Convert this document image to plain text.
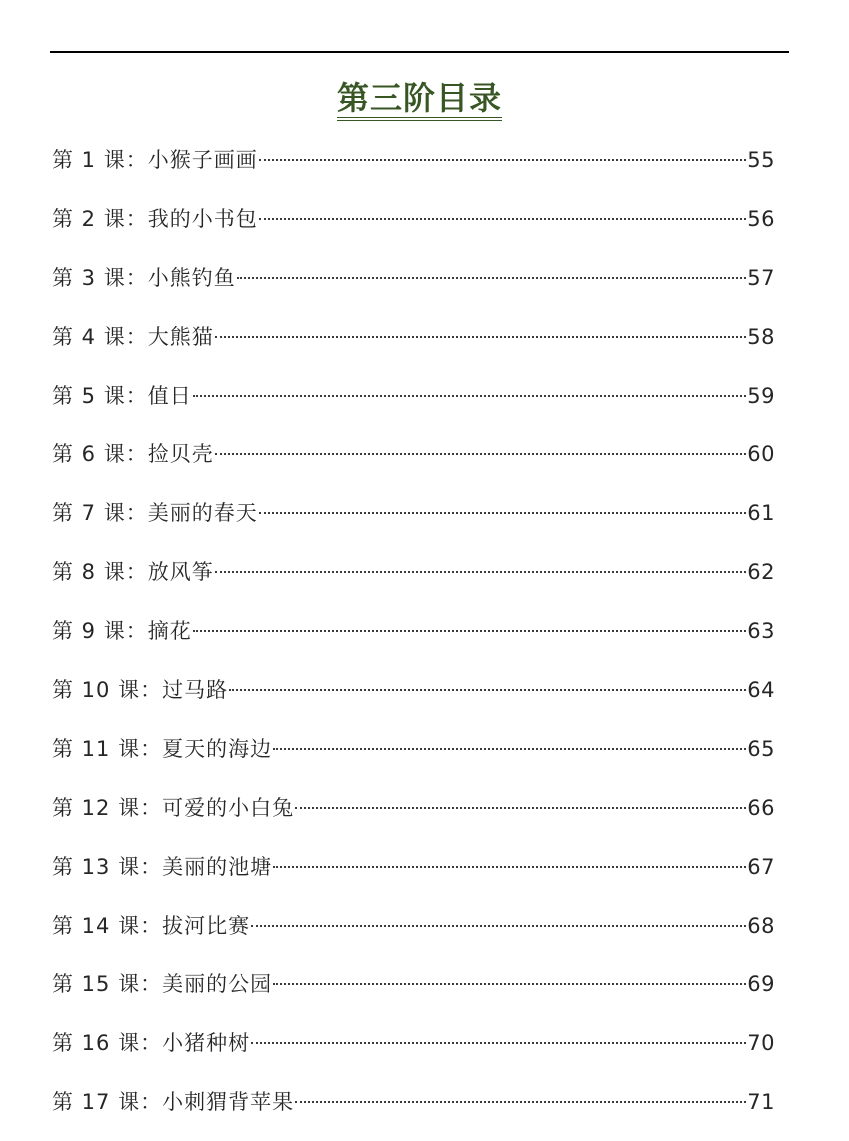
第三阶目录
第 1 课：小猴子画画	55
第 2 课：我的小书包	56
第 3 课：小熊钓鱼	57
第 4 课：大熊猫	58
第 5 课：值日	59
第 6 课：捡贝壳	60
第 7 课：美丽的春天	61
第 8 课：放风筝	62
第 9 课：摘花	63
第 10 课：过马路	64
第 11 课：夏天的海边	65
第 12 课：可爱的小白兔	66
第 13 课：美丽的池塘	67
第 14 课：拔河比赛	68
第 15 课：美丽的公园	69
第 16 课：小猪种树	70
第 17 课：小刺猬背苹果	71
